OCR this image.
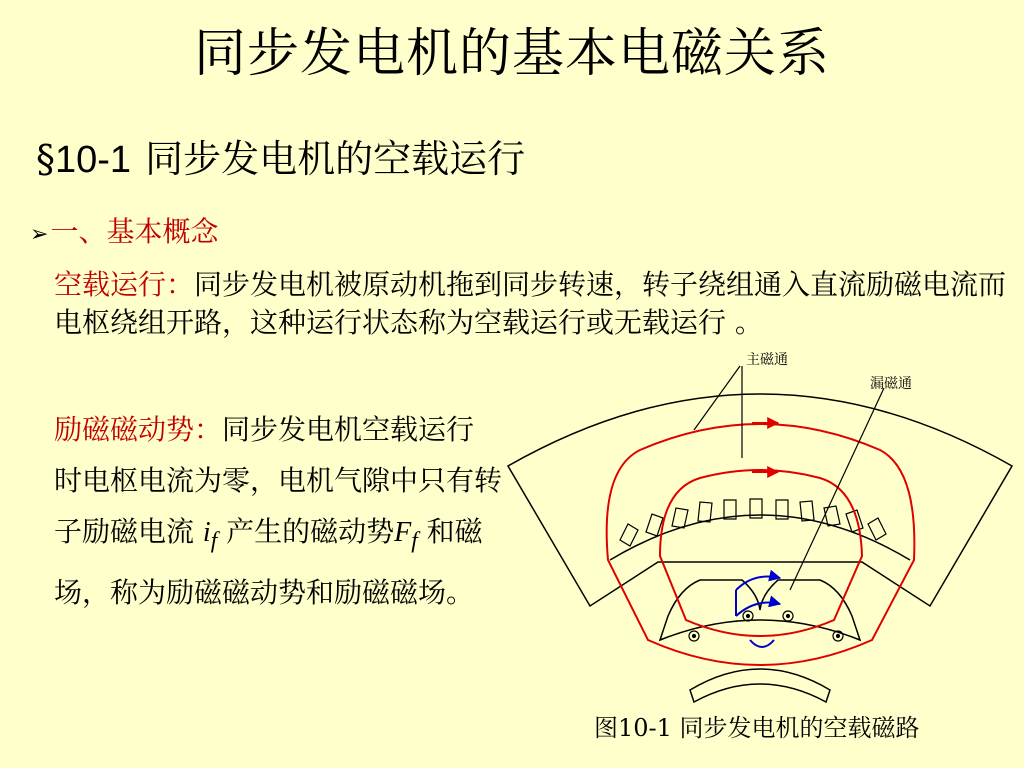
同步发电机的基本电磁关系
§10-1 同步发电机的空载运行
➢一、基本概念
空载运行：同步发电机被原动机拖到同步转速，转子绕组通入直流励磁电流而电枢绕组开路，这种运行状态称为空载运行或无载运行 。
励磁磁动势：同步发电机空载运行时电枢电流为零，电机气隙中只有转子励磁电流 $i_f$ 产生的磁动势$F_f$ 和磁场，称为励磁磁动势和励磁磁场。
主磁通
漏磁通
图10-1 同步发电机的空载磁路
